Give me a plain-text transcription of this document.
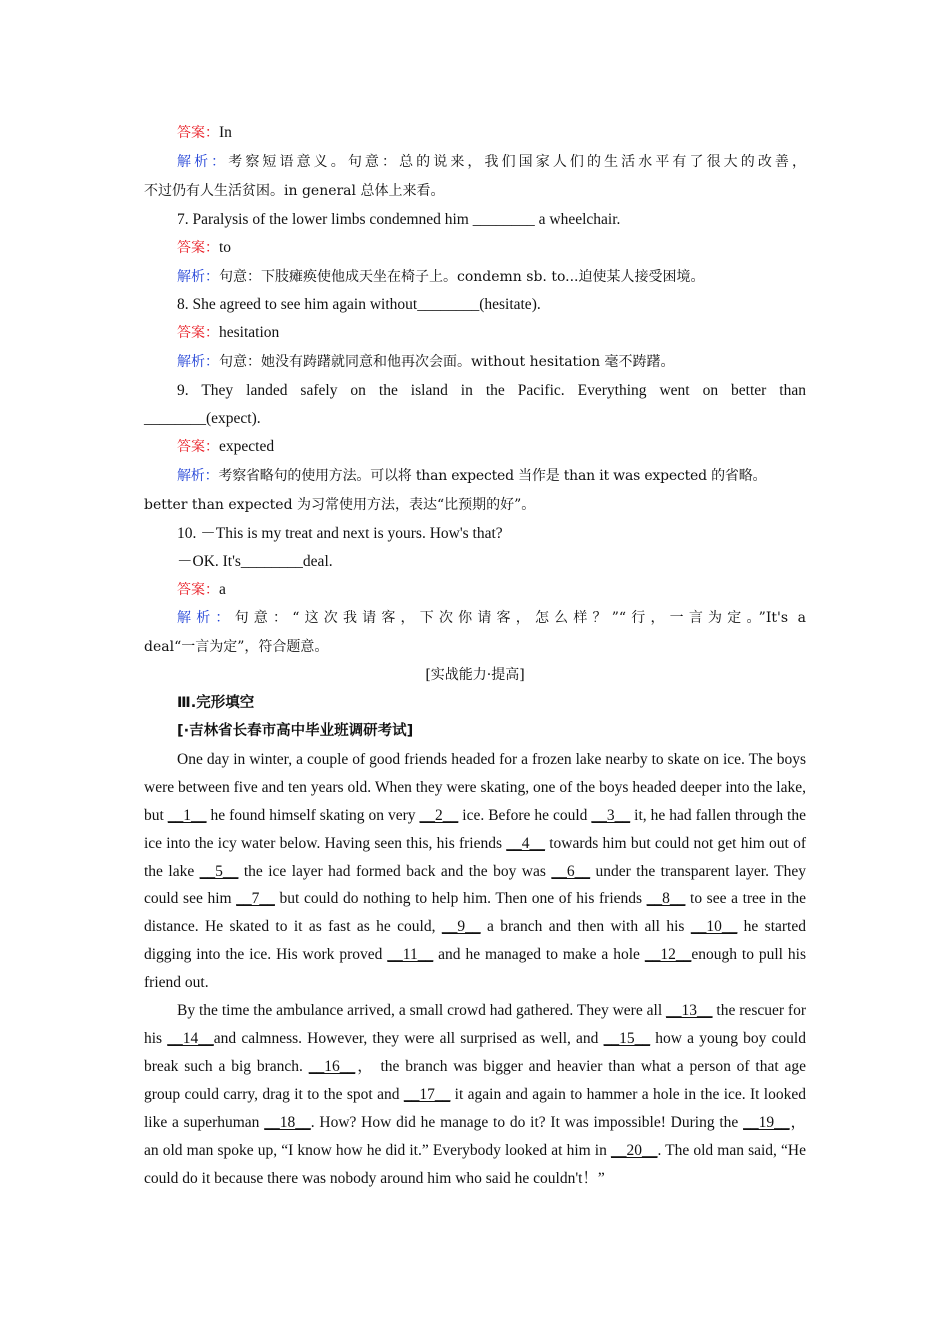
答案：In
解析：考察短语意义。句意：总的说来，我们国家人们的生活水平有了很大的改善，
不过仍有人生活贫困。in general 总体上来看。
7. Paralysis of the lower limbs condemned him ________ a wheelchair.
答案：to
解析：句意：下肢瘫痪使他成天坐在椅子上。condemn sb. to...迫使某人接受困境。
8. She agreed to see him again without________(hesitate).
答案：hesitation
解析：句意：她没有踌躇就同意和他再次会面。without hesitation 毫不踌躇。
9. They landed safely on the island in the Pacific. Everything went on better than
________(expect).
答案：expected
解析：考察省略句的使用方法。可以将 than expected 当作是 than it was expected 的省略。
better than expected 为习常使用方法，表达“比预期的好”。
10. －This is my treat and next is yours. How's that?
－OK. It's________deal.
答案：a
解析：句意：“这次我请客，下次你请客，怎么样？”“行，一言为定。”It's a
deal“一言为定”，符合题意。
[实战能力·提高]
Ⅲ.完形填空
[·吉林省长春市高中毕业班调研考试]
One day in winter, a couple of good friends headed for a frozen lake nearby to skate on ice. The boys were between five and ten years old. When they were skating, one of the boys headed deeper into the lake, but __1__ he found himself skating on very __2__ ice. Before he could __3__ it, he had fallen through the ice into the icy water below. Having seen this, his friends __4__ towards him but could not get him out of the lake __5__ the ice layer had formed back and the boy was __6__ under the transparent layer. They could see him __7__ but could do nothing to help him. Then one of his friends __8__ to see a tree in the distance. He skated to it as fast as he could, __9__ a branch and then with all his __10__ he started digging into the ice. His work proved __11__ and he managed to make a hole __12__enough to pull his friend out.
By the time the ambulance arrived, a small crowd had gathered. They were all __13__ the rescuer for his __14__and calmness. However, they were all surprised as well, and __15__ how a young boy could break such a big branch. __16__， the branch was bigger and heavier than what a person of that age group could carry, drag it to the spot and __17__ it again and again to hammer a hole in the ice. It looked like a superhuman __18__. How? How did he manage to do it? It was impossible! During the __19__， an old man spoke up, “I know how he did it.” Everybody looked at him in __20__. The old man said, “He could do it because there was nobody around him who said he couldn't！”
